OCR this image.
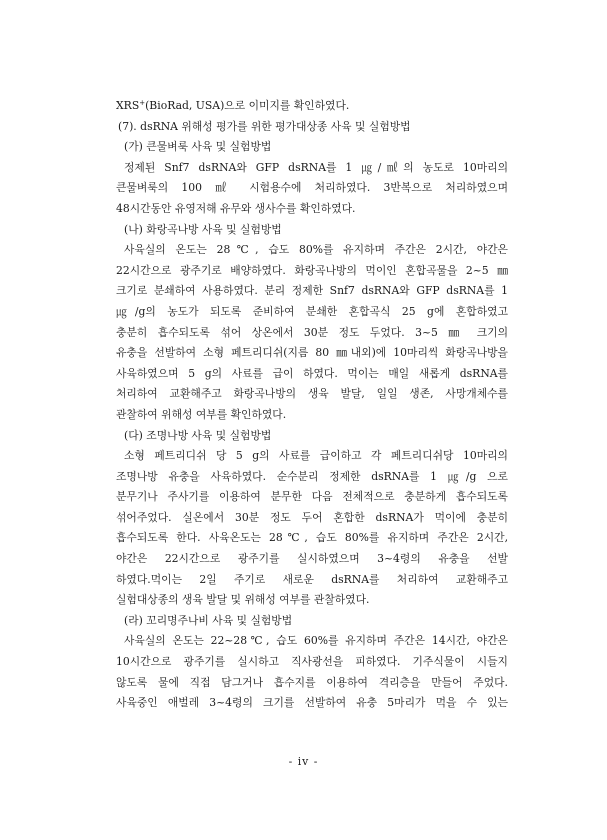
XRS+(BioRad, USA)으로 이미지를 확인하였다.
(7). dsRNA 위해성 평가를 위한 평가대상종 사육 및 실험방법
(가) 큰물벼룩 사육 및 실험방법
정제된 Snf7 dsRNA와 GFP dsRNA를 1 ㎍/㎖의 농도로 10마리의
큰물벼룩의 100 ㎖ 시험용수에 처리하였다. 3반복으로 처리하였으며
48시간동안 유영저해 유무와 생사수를 확인하였다.
(나) 화랑곡나방 사육 및 실험방법
사육실의 온도는 28℃, 습도 80%를 유지하며 주간은 2시간, 야간은
22시간으로 광주기로 배양하였다. 화랑곡나방의 먹이인 혼합곡물을 2~5 ㎜
크기로 분쇄하여 사용하였다. 분리 정제한 Snf7 dsRNA와 GFP dsRNA를 1
㎍/g의 농도가 되도록 준비하여 분쇄한 혼합곡식 25 g에 혼합하였고
충분히 흡수되도록 섞어 상온에서 30분 정도 두었다. 3~5 ㎜ 크기의
유충을 선발하여 소형 페트리디쉬(지름 80 ㎜내외)에 10마리씩 화랑곡나방을
사육하였으며 5 g의 사료를 급이 하였다. 먹이는 매일 새롭게 dsRNA를
처리하여 교환해주고 화랑곡나방의 생육 발달, 일일 생존, 사망개체수를
관찰하여 위해성 여부를 확인하였다.
(다) 조명나방 사육 및 실험방법
소형 페트리디쉬 당 5 g의 사료를 급이하고 각 페트리디쉬당 10마리의
조명나방 유충을 사육하였다. 순수분리 정제한 dsRNA를 1 ㎍/g 으로
분무기나 주사기를 이용하여 분무한 다음 전체적으로 충분하게 흡수되도록
섞어주었다. 실온에서 30분 정도 두어 혼합한 dsRNA가 먹이에 충분히
흡수되도록 한다. 사육온도는 28℃, 습도 80%를 유지하며 주간은 2시간,
야간은 22시간으로 광주기를 실시하였으며 3~4령의 유충을 선발
하였다.먹이는 2일 주기로 새로운 dsRNA를 처리하여 교환해주고
실험대상종의 생육 발달 및 위해성 여부를 관찰하였다.
(라) 꼬리명주나비 사육 및 실험방법
사육실의 온도는 22~28℃, 습도 60%를 유지하며 주간은 14시간, 야간은
10시간으로 광주기를 실시하고 직사광선을 피하였다. 기주식물이 시들지
않도록 물에 직접 담그거나 흡수지를 이용하여 격리층을 만들어 주었다.
사육중인 애벌레 3~4령의 크기를 선발하여 유충 5마리가 먹을 수 있는
- iv -
